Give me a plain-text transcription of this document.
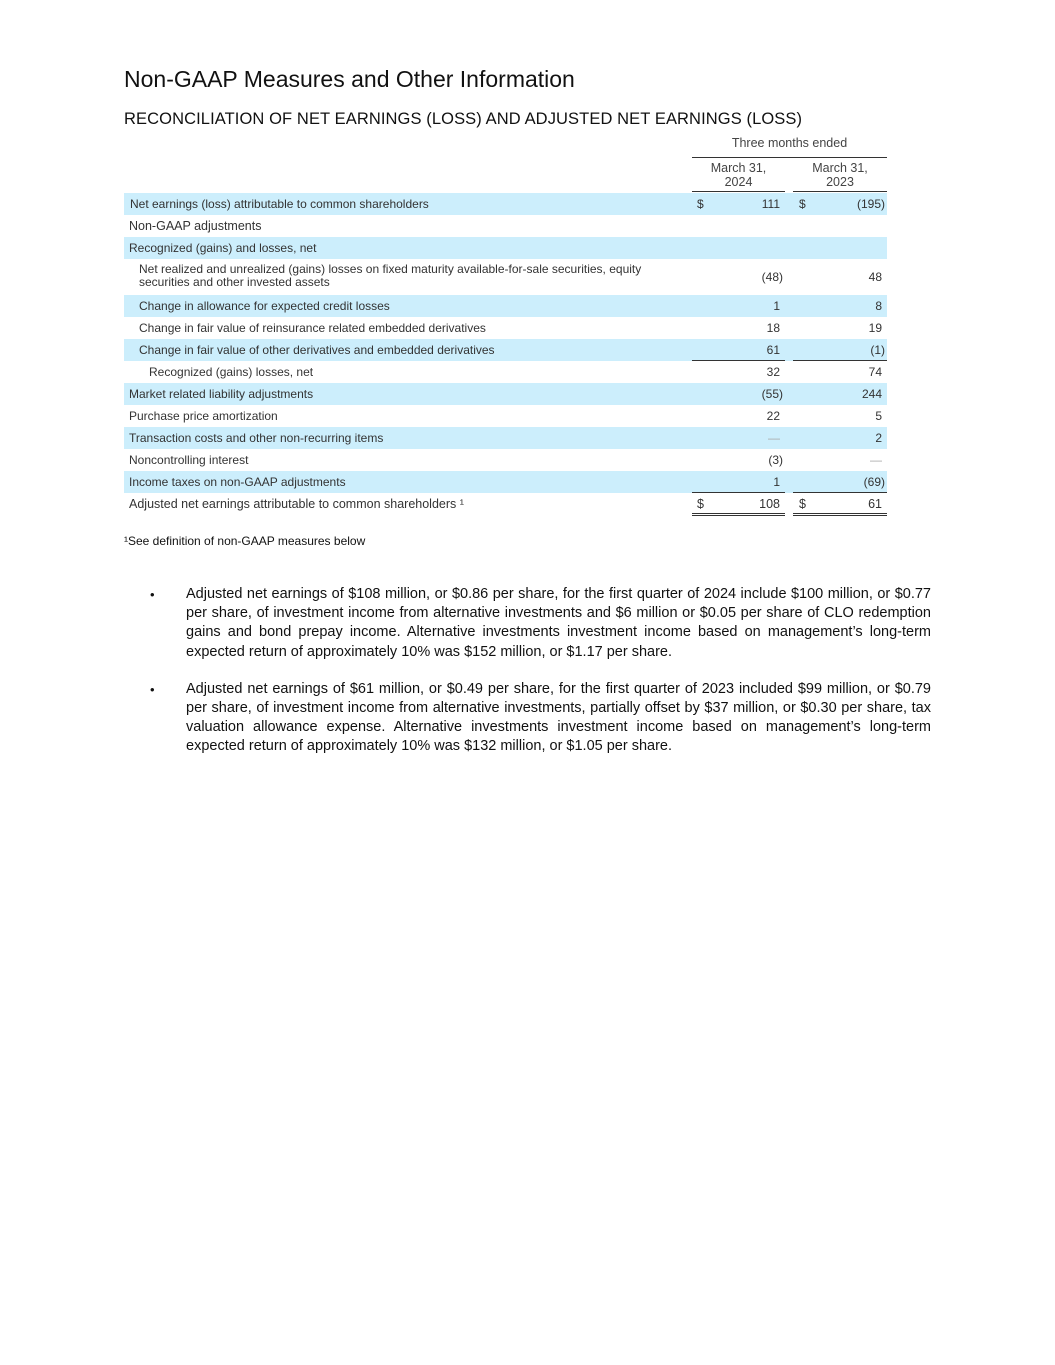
Non-GAAP Measures and Other Information
RECONCILIATION OF NET EARNINGS (LOSS) AND ADJUSTED NET EARNINGS (LOSS)
Three months ended
March 31,
2024
March 31,
2023
Net earnings (loss) attributable to common shareholders	$	111 $	(195)
Non-GAAP adjustments
Recognized (gains) and losses, net
Net realized and unrealized (gains) losses on fixed maturity available-for-sale securities, equity securities and other invested assets	(48)	48
Change in allowance for expected credit losses	1	8
Change in fair value of reinsurance related embedded derivatives	18	19
Change in fair value of other derivatives and embedded derivatives	61	(1)
Recognized (gains) losses, net	32	74
Market related liability adjustments	(55)	244
Purchase price amortization	22	5
Transaction costs and other non-recurring items	—	2
Noncontrolling interest	(3)	—
Income taxes on non-GAAP adjustments	1	(69)
Adjusted net earnings attributable to common shareholders ¹	$	108 $	61
¹See definition of non-GAAP measures below
• Adjusted net earnings of $108 million, or $0.86 per share, for the first quarter of 2024 include $100 million, or $0.77 per share, of investment income from alternative investments and $6 million or $0.05 per share of CLO redemption gains and bond prepay income. Alternative investments investment income based on management’s long-term expected return of approximately 10% was $152 million, or $1.17 per share.
• Adjusted net earnings of $61 million, or $0.49 per share, for the first quarter of 2023 included $99 million, or $0.79 per share, of investment income from alternative investments, partially offset by $37 million, or $0.30 per share, tax valuation allowance expense. Alternative investments investment income based on management’s long-term expected return of approximately 10% was $132 million, or $1.05 per share.
